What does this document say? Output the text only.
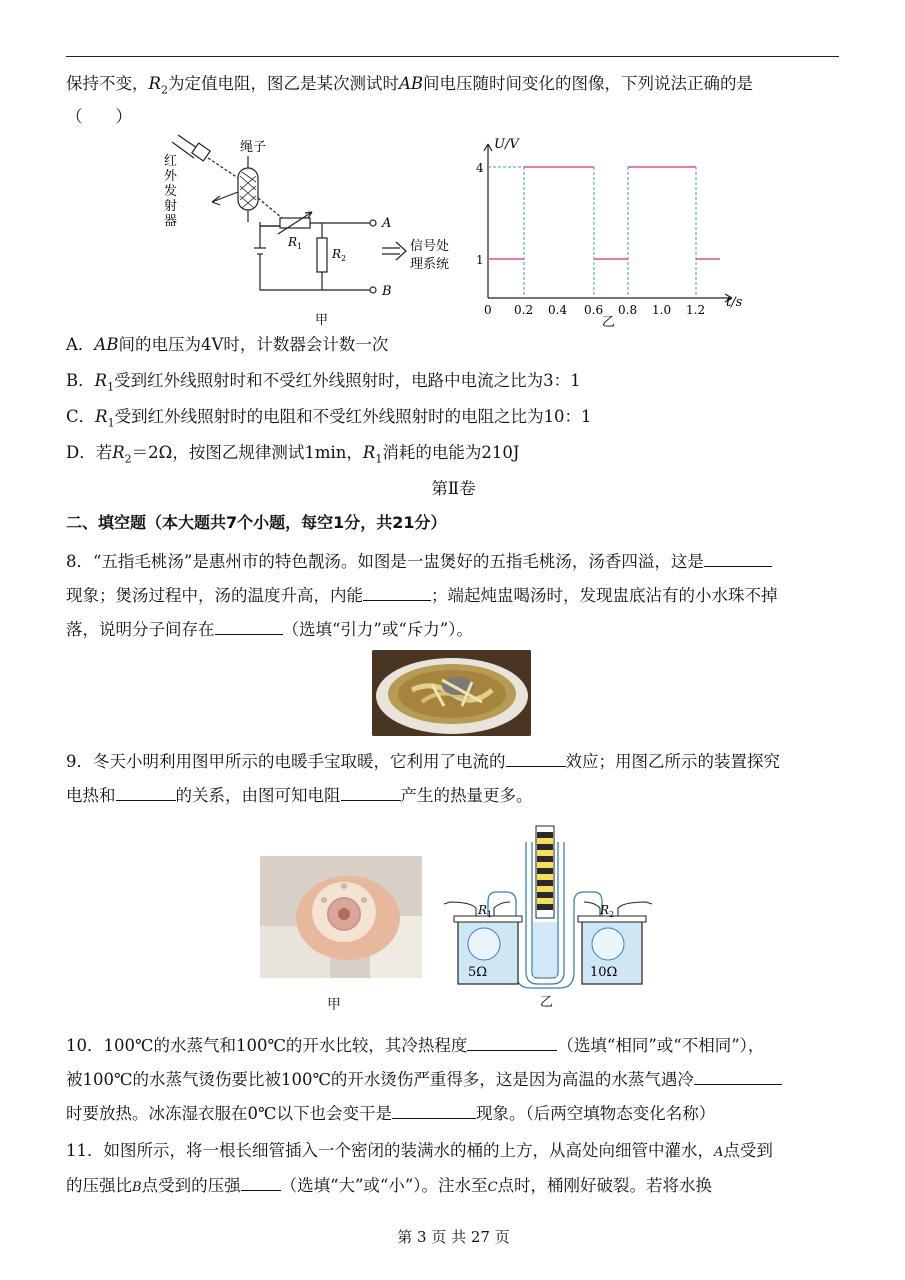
保持不变，$R_2$为定值电阻，图乙是某次测试时AB间电压随时间变化的图像，下列说法正确的是
（　　）
绳子
红
外
发
射
器
$R_1$
$R_2$
A
B
信号处
理系统
甲
U/V
t/s
4
1
0 0.2 0.4 0.6 0.8 1.0 1.2
乙
A．AB间的电压为4V时，计数器会计数一次
B．$R_1$受到红外线照射时和不受红外线照射时，电路中电流之比为3：1
C．$R_1$受到红外线照射时的电阻和不受红外线照射时的电阻之比为10：1
D．若$R_2=2\Omega$，按图乙规律测试1min，$R_1$消耗的电能为210J
第Ⅱ卷
二、填空题（本大题共7个小题，每空1分，共21分）
8．“五指毛桃汤”是惠州市的特色靓汤。如图是一盅煲好的五指毛桃汤，汤香四溢，这是
现象；煲汤过程中，汤的温度升高，内能	；端起炖盅喝汤时，发现盅底沾有的小水珠不掉
落，说明分子间存在	（选填“引力”或“斥力”）。
9．冬天小明利用图甲所示的电暖手宝取暖，它利用了电流的	效应；用图乙所示的装置探究
电热和	的关系，由图可知电阻	产生的热量更多。
$R_1$	$R_2$
5Ω	10Ω
乙
甲
10．100℃的水蒸气和100℃的开水比较，其冷热程度	（选填“相同”或“不相同”），
被100℃的水蒸气烫伤要比被100℃的开水烫伤严重得多，这是因为高温的水蒸气遇冷
时要放热。冰冻湿衣服在0℃以下也会变干是	现象。（后两空填物态变化名称）
11．如图所示，将一根长细管插入一个密闭的装满水的桶的上方，从高处向细管中灌水，A点受到
的压强比B点受到的压强 （选填“大”或“小”）。注水至C点时，桶刚好破裂。若将水换
第 3 页 共 27 页
